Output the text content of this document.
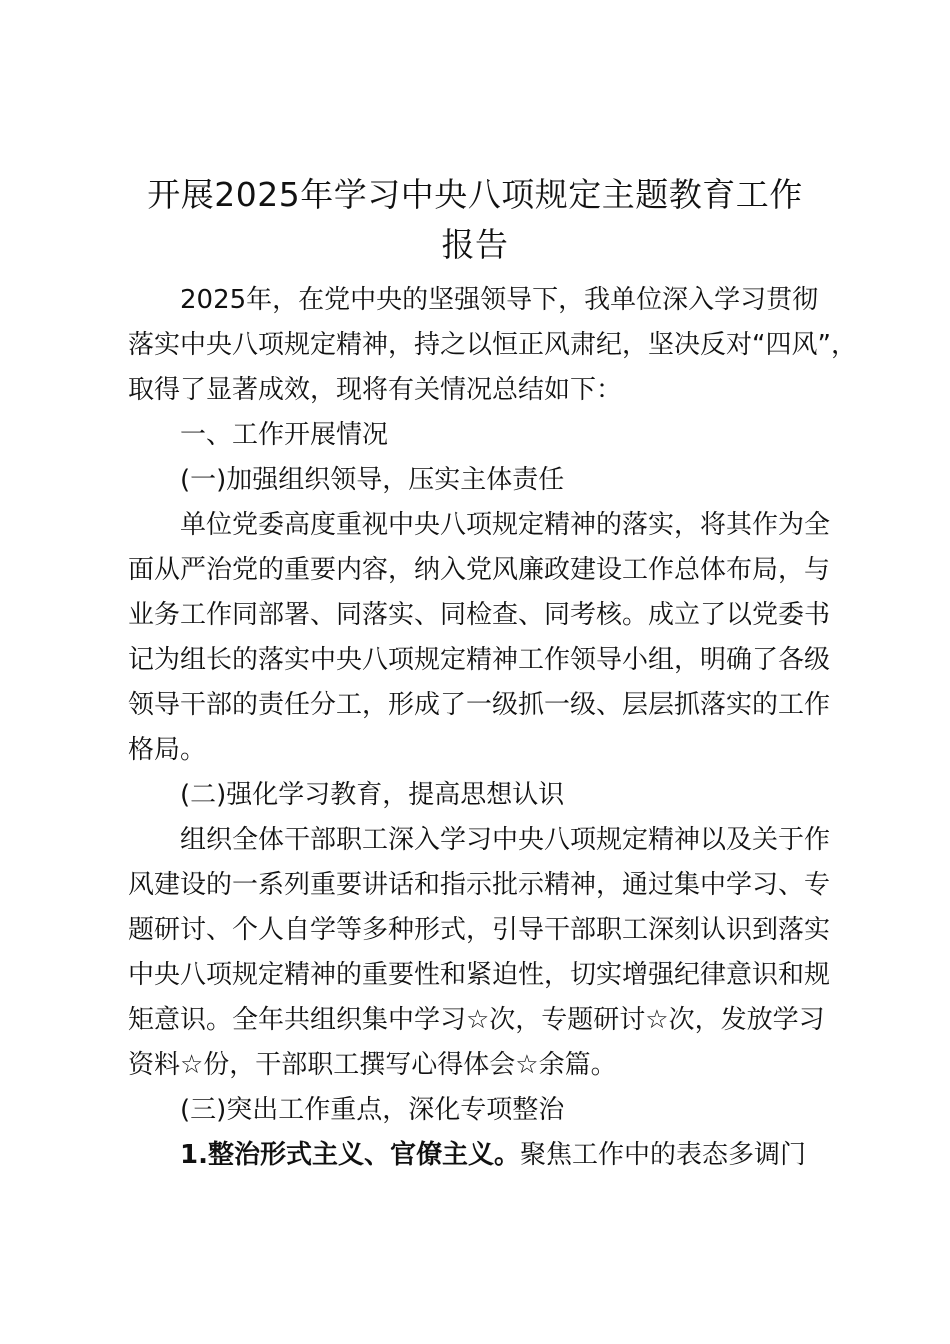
开展2025年学习中央八项规定主题教育工作
报告
2025年，在党中央的坚强领导下，我单位深入学习贯彻
落实中央八项规定精神，持之以恒正风肃纪，坚决反对“四风”，
取得了显著成效，现将有关情况总结如下：
一、工作开展情况
(一)加强组织领导，压实主体责任
单位党委高度重视中央八项规定精神的落实，将其作为全
面从严治党的重要内容，纳入党风廉政建设工作总体布局，与
业务工作同部署、同落实、同检查、同考核。成立了以党委书
记为组长的落实中央八项规定精神工作领导小组，明确了各级
领导干部的责任分工，形成了一级抓一级、层层抓落实的工作
格局。
(二)强化学习教育，提高思想认识
组织全体干部职工深入学习中央八项规定精神以及关于作
风建设的一系列重要讲话和指示批示精神，通过集中学习、专
题研讨、个人自学等多种形式，引导干部职工深刻认识到落实
中央八项规定精神的重要性和紧迫性，切实增强纪律意识和规
矩意识。全年共组织集中学习☆次，专题研讨☆次，发放学习
资料☆份，干部职工撰写心得体会☆余篇。
(三)突出工作重点，深化专项整治
1.整治形式主义、官僚主义。聚焦工作中的表态多调门
